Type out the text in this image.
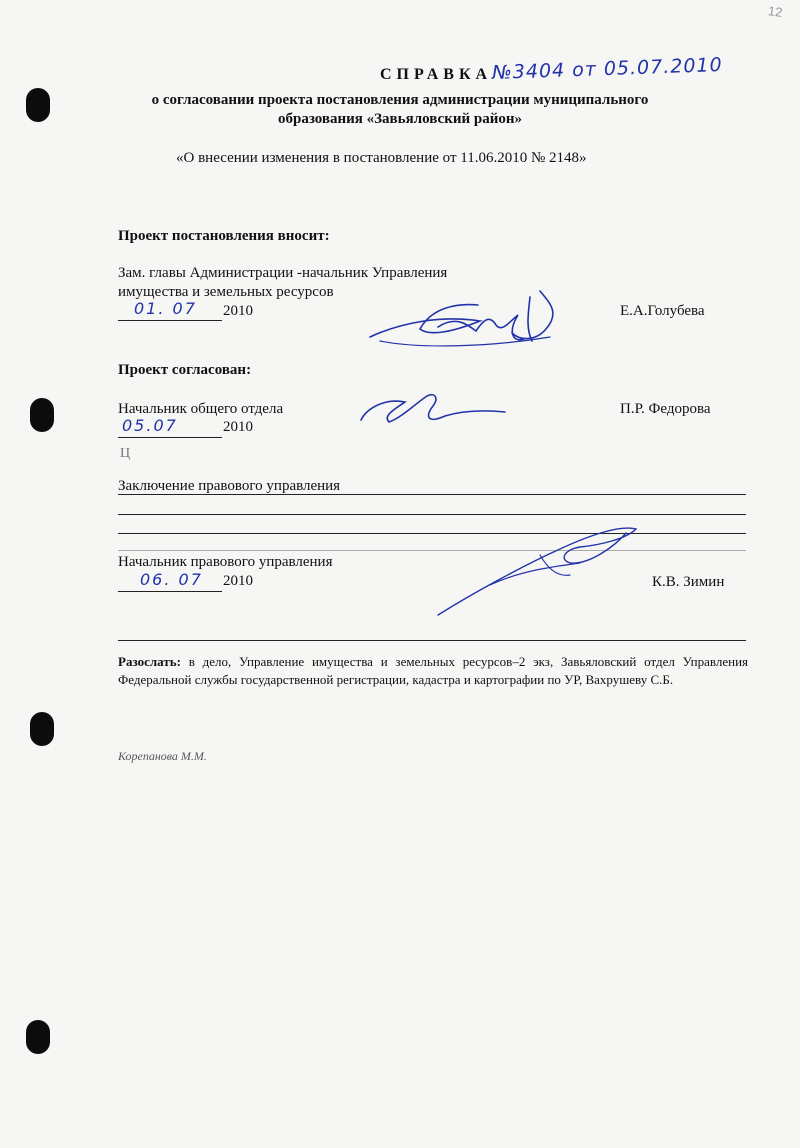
12
СПРАВКА №3404 от 05.07.2010
о согласовании проекта постановления администрации муниципального
образования «Завьяловский район»
«О внесении изменения в постановление от 11.06.2010 № 2148»
Проект постановления вносит:
Зам. главы Администрации -начальник Управления
имущества и земельных ресурсов
01. 07 2010	Е.А.Голубева
Проект согласован:
Начальник общего отдела
05.07	2010
П.Р. Федорова
Ц
Заключение правового управления
Начальник правового управления
06. 07 2010	К.В. Зимин
Разослать: в дело, Управление имущества и земельных ресурсов–2 экз, Завьяловский отдел Управления Федеральной службы государственной регистрации, кадастра и картографии по УР, Вахрушеву С.Б.
Корепанова М.М.
